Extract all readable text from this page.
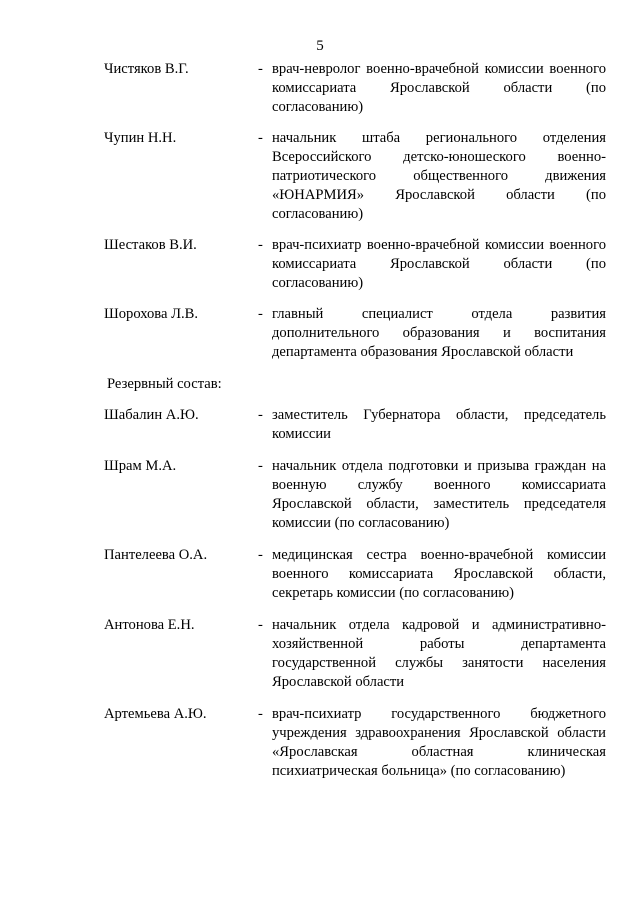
5
Чистяков В.Г.	- врач-невролог военно-врачебной комиссии военного комиссариата Ярославской области (по согласованию)
Чупин Н.Н.	- начальник штаба регионального отделения Всероссийского детско-юношеского военно-патриотического общественного движения «ЮНАРМИЯ» Ярославской области (по согласованию)
Шестаков В.И.	- врач-психиатр военно-врачебной комиссии военного комиссариата Ярославской области (по согласованию)
Шорохова Л.В.	- главный специалист отдела развития дополнительного образования и воспитания департамента образования Ярославской области
Резервный состав:
Шабалин А.Ю.	- заместитель Губернатора области, председатель комиссии
Шрам М.А.	- начальник отдела подготовки и призыва граждан на военную службу военного комиссариата Ярославской области, заместитель председателя комиссии (по согласованию)
Пантелеева О.А.	- медицинская сестра военно-врачебной комиссии военного комиссариата Ярославской области, секретарь комиссии (по согласованию)
Антонова Е.Н.	- начальник отдела кадровой и административно-хозяйственной работы департамента государственной службы занятости населения Ярославской области
Артемьева А.Ю.	- врач-психиатр государственного бюджетного учреждения здравоохранения Ярославской области «Ярославская областная клиническая психиатрическая больница» (по согласованию)
